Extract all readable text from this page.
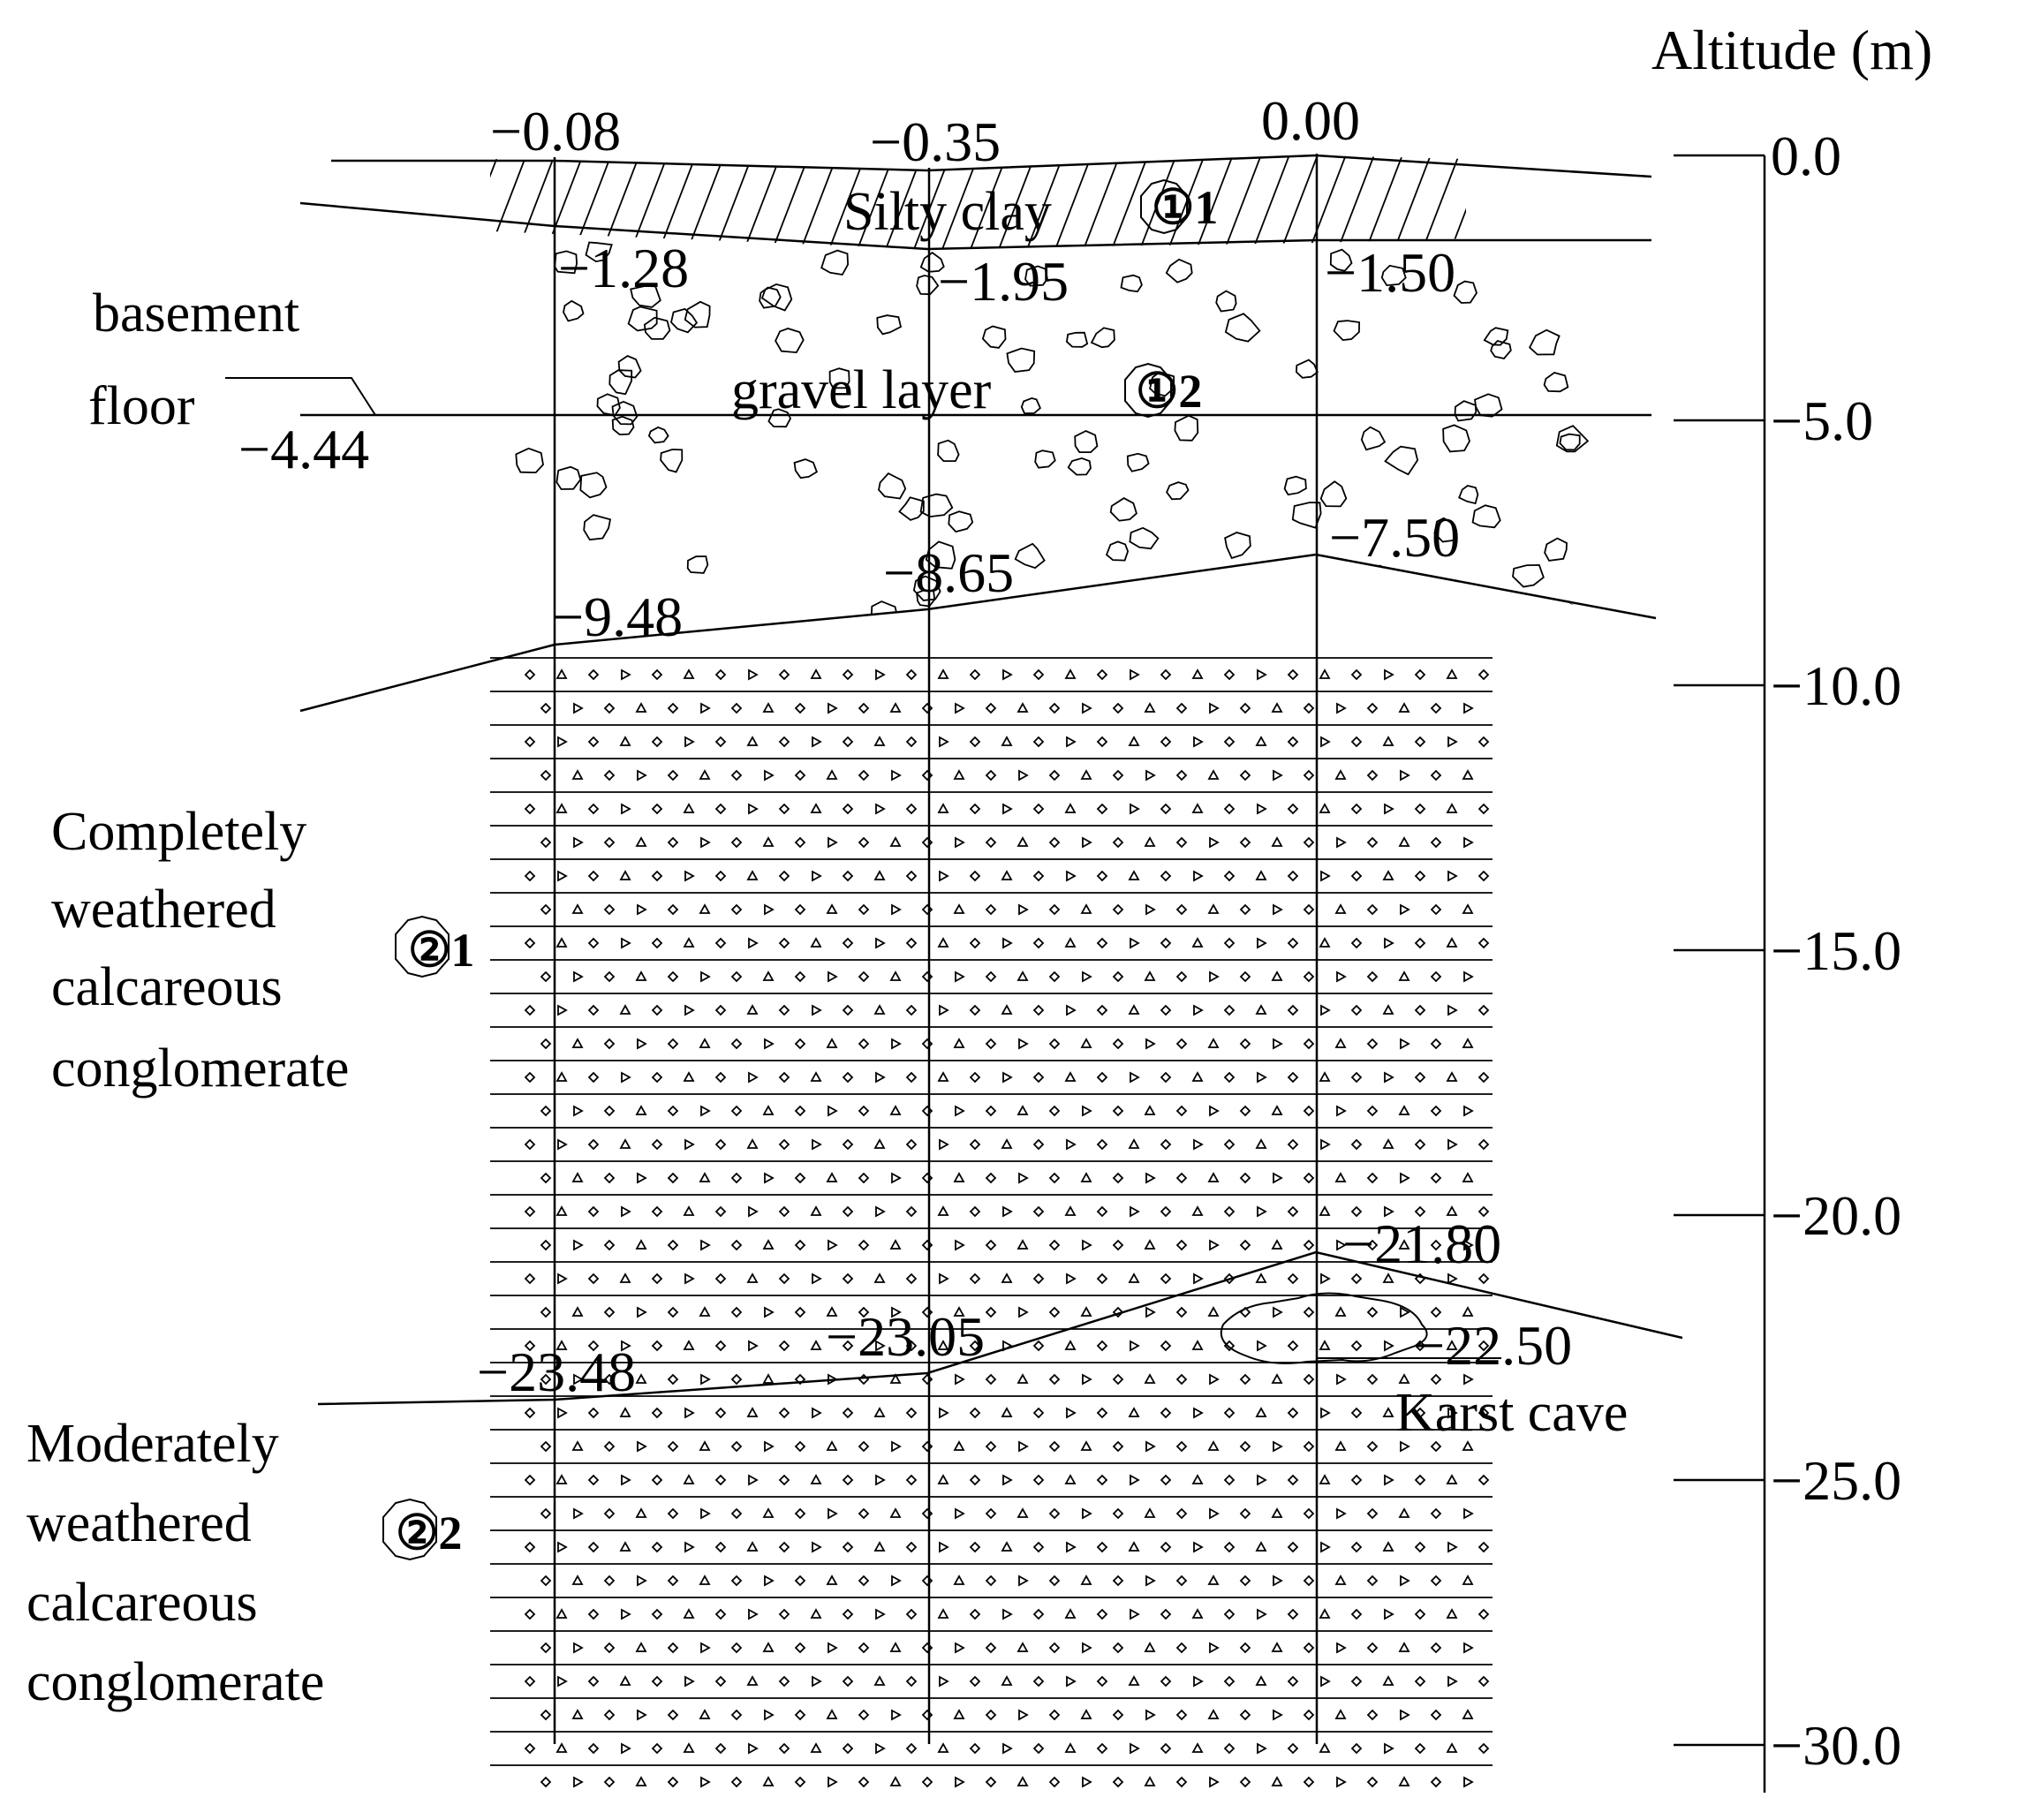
0.0
−5.0
−10.0
−15.0
−20.0
−25.0
−30.0
Altitude (m)
−0.08	−0.35	0.00
−1.28	−1.95	−1.50
−4.44
−9.48
−8.65
−7.50
−23.48
−23.05
−21.80
−22.50
Silty clay ①1
gravel layer	①2
basement
floor
Completely
weathered
calcareous
conglomerate
②1
Moderately
weathered
calcareous
conglomerate
②2
Karst cave
